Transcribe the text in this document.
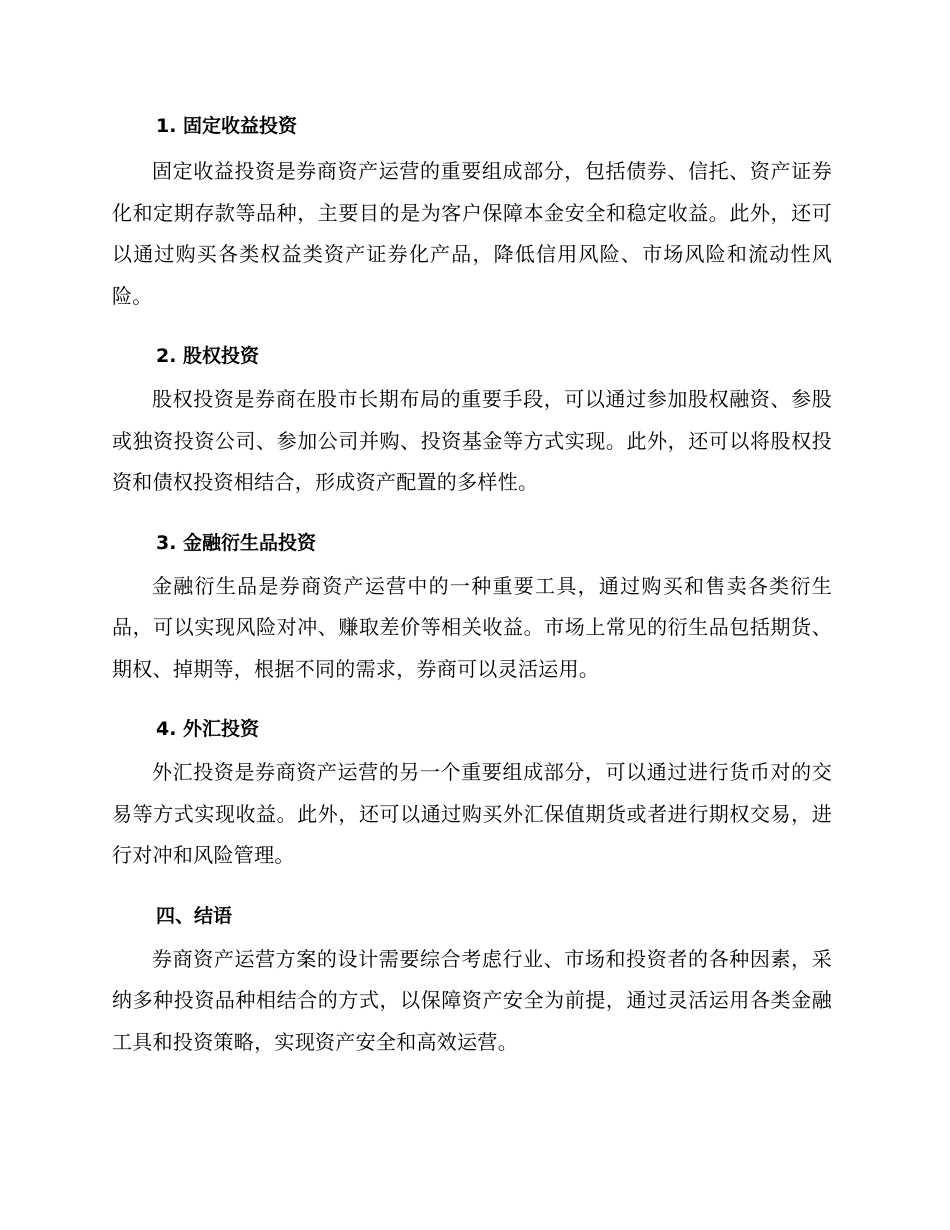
1. 固定收益投资

固定收益投资是券商资产运营的重要组成部分，包括债券、信托、资产证券化和定期存款等品种，主要目的是为客户保障本金安全和稳定收益。此外，还可以通过购买各类权益类资产证券化产品，降低信用风险、市场风险和流动性风险。

2. 股权投资

股权投资是券商在股市长期布局的重要手段，可以通过参加股权融资、参股或独资投资公司、参加公司并购、投资基金等方式实现。此外，还可以将股权投资和债权投资相结合，形成资产配置的多样性。

3. 金融衍生品投资

金融衍生品是券商资产运营中的一种重要工具，通过购买和售卖各类衍生品，可以实现风险对冲、赚取差价等相关收益。市场上常见的衍生品包括期货、期权、掉期等，根据不同的需求，券商可以灵活运用。

4. 外汇投资

外汇投资是券商资产运营的另一个重要组成部分，可以通过进行货币对的交易等方式实现收益。此外，还可以通过购买外汇保值期货或者进行期权交易，进行对冲和风险管理。

四、结语

券商资产运营方案的设计需要综合考虑行业、市场和投资者的各种因素，采纳多种投资品种相结合的方式，以保障资产安全为前提，通过灵活运用各类金融工具和投资策略，实现资产安全和高效运营。
